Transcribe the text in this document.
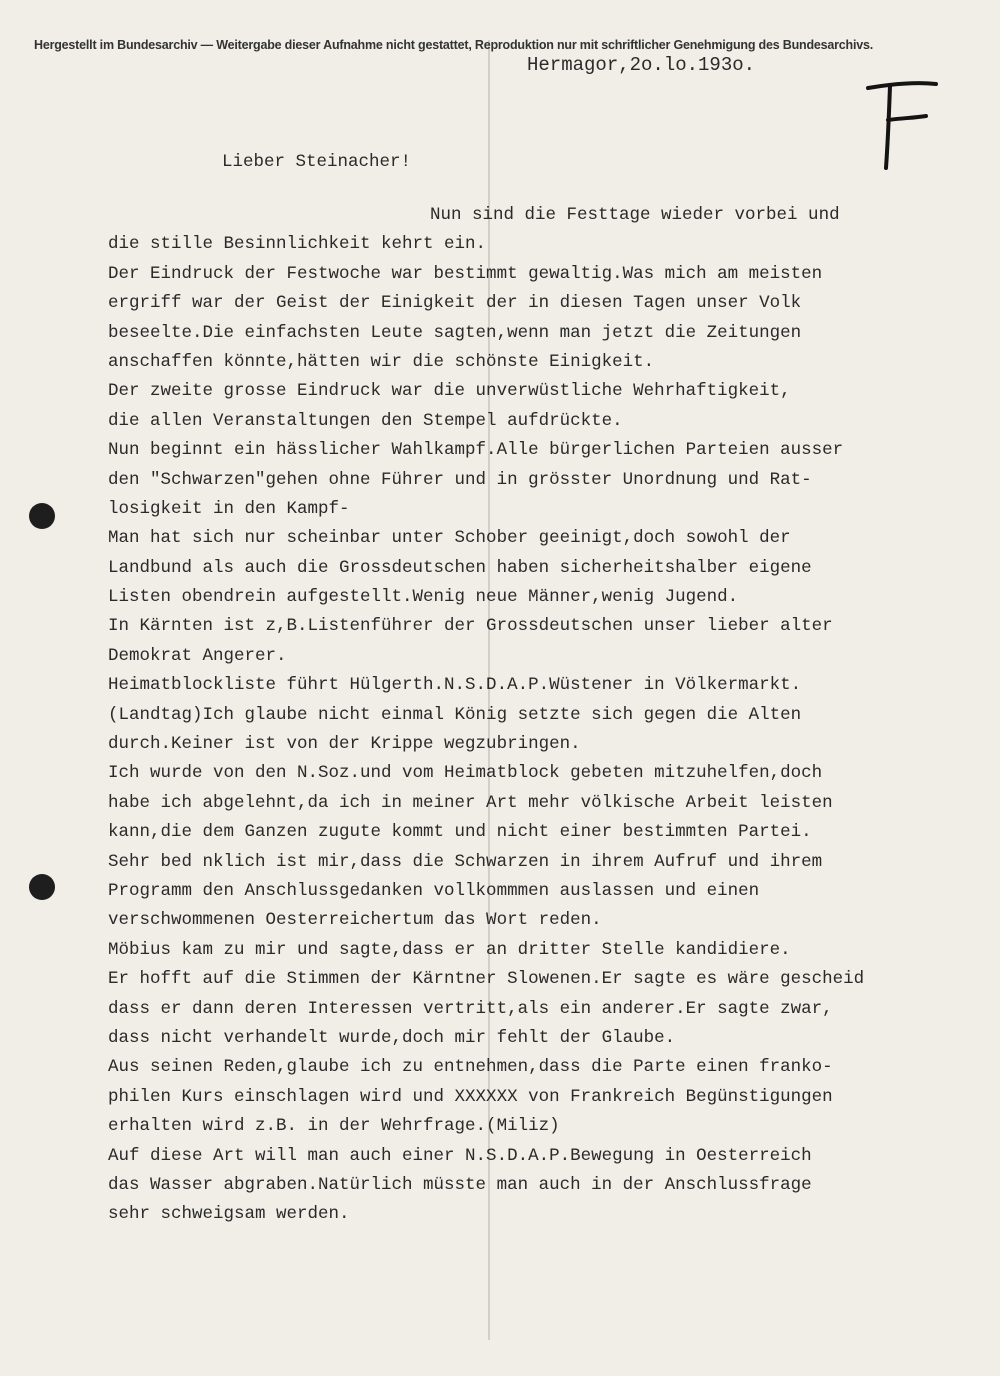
Hergestellt im Bundesarchiv — Weitergabe dieser Aufnahme nicht gestattet, Reproduktion nur mit schriftlicher Genehmigung des Bundesarchivs.
Hermagor,2o.lo.193o.
Lieber Steinacher!
Nun sind die Festtage wieder vorbei und
die stille Besinnlichkeit kehrt ein.
Der Eindruck der Festwoche war bestimmt gewaltig.Was mich am meisten
ergriff war der Geist der Einigkeit der in diesen Tagen unser Volk
beseelte.Die einfachsten Leute sagten,wenn man jetzt die Zeitungen
anschaffen könnte,hätten wir die schönste Einigkeit.
Der zweite grosse Eindruck war die unverwüstliche Wehrhaftigkeit,
die allen Veranstaltungen den Stempel aufdrückte.
Nun beginnt ein hässlicher Wahlkampf.Alle bürgerlichen Parteien ausser
den "Schwarzen"gehen ohne Führer und in grösster Unordnung und Rat-
losigkeit in den Kampf-
Man hat sich nur scheinbar unter Schober geeinigt,doch sowohl der
Landbund als auch die Grossdeutschen haben sicherheitshalber eigene
Listen obendrein aufgestellt.Wenig neue Männer,wenig Jugend.
In Kärnten ist z,B.Listenführer der Grossdeutschen unser lieber alter
Demokrat Angerer.
Heimatblockliste führt Hülgerth.N.S.D.A.P.Wüstener in Völkermarkt.
(Landtag)Ich glaube nicht einmal König setzte sich gegen die Alten
durch.Keiner ist von der Krippe wegzubringen.
Ich wurde von den N.Soz.und vom Heimatblock gebeten mitzuhelfen,doch
habe ich abgelehnt,da ich in meiner Art mehr völkische Arbeit leisten
kann,die dem Ganzen zugute kommt und nicht einer bestimmten Partei.
Sehr bed nklich ist mir,dass die Schwarzen in ihrem Aufruf und ihrem
Programm den Anschlussgedanken vollkommmen auslassen und einen
verschwommenen Oesterreichertum das Wort reden.
Möbius kam zu mir und sagte,dass er an dritter Stelle kandidiere.
Er hofft auf die Stimmen der Kärntner Slowenen.Er sagte es wäre gescheid
dass er dann deren Interessen vertritt,als ein anderer.Er sagte zwar,
dass nicht verhandelt wurde,doch mir fehlt der Glaube.
Aus seinen Reden,glaube ich zu entnehmen,dass die Parte einen franko-
philen Kurs einschlagen wird und XXXXXX von Frankreich Begünstigungen
erhalten wird z.B. in der Wehrfrage.(Miliz)
Auf diese Art will man auch einer N.S.D.A.P.Bewegung in Oesterreich
das Wasser abgraben.Natürlich müsste man auch in der Anschlussfrage
sehr schweigsam werden.
